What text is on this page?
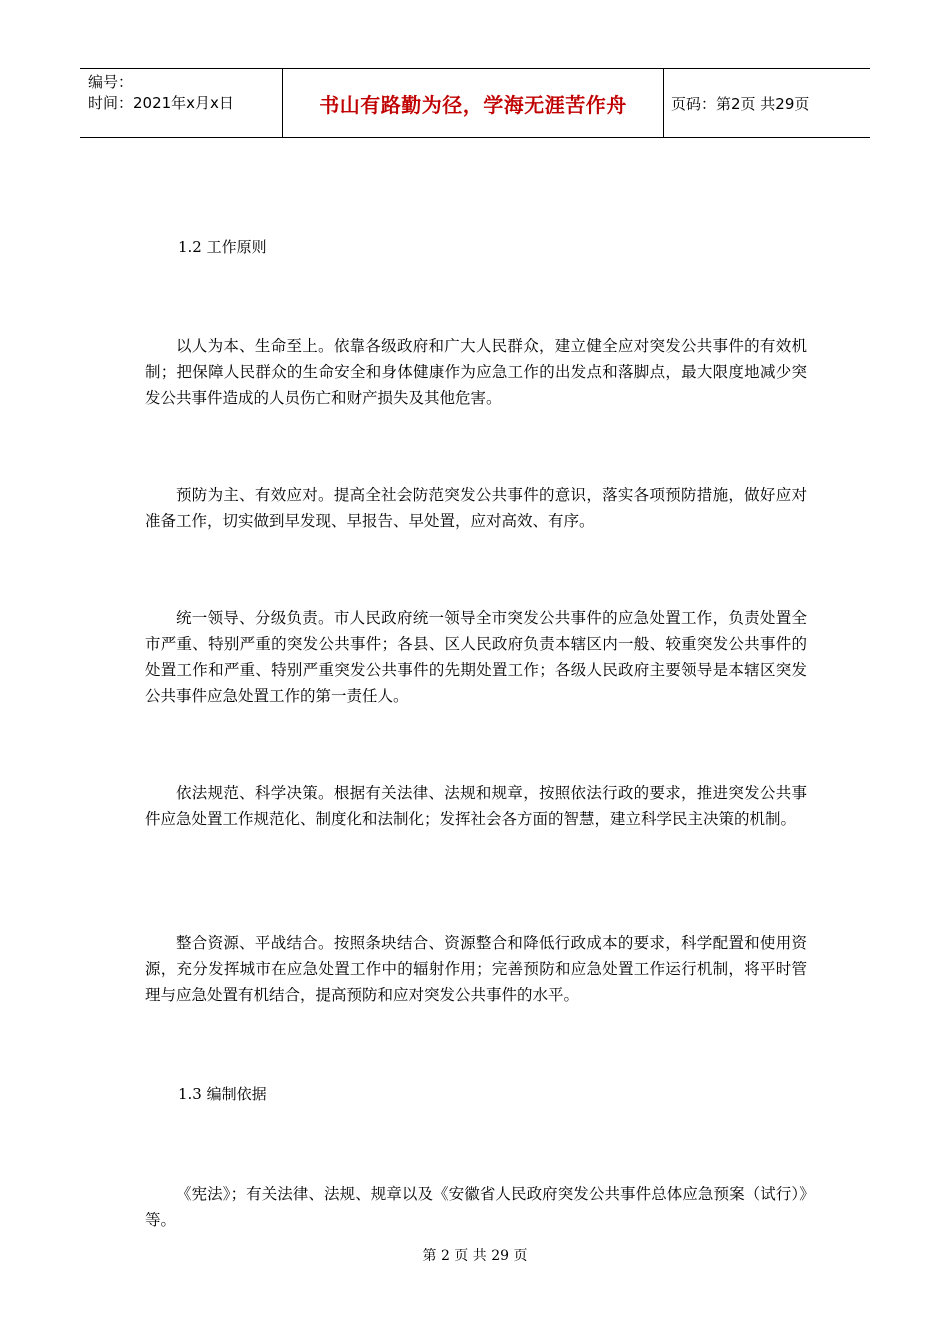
编号：
时间：2021年x月x日	书山有路勤为径，学海无涯苦作舟	页码：第2页 共29页
1.2 工作原则
以人为本、生命至上。依靠各级政府和广大人民群众，建立健全应对突发公共事件的有效机制；把保障人民群众的生命安全和身体健康作为应急工作的出发点和落脚点，最大限度地减少突发公共事件造成的人员伤亡和财产损失及其他危害。
预防为主、有效应对。提高全社会防范突发公共事件的意识，落实各项预防措施，做好应对准备工作，切实做到早发现、早报告、早处置，应对高效、有序。
统一领导、分级负责。市人民政府统一领导全市突发公共事件的应急处置工作，负责处置全市严重、特别严重的突发公共事件；各县、区人民政府负责本辖区内一般、较重突发公共事件的处置工作和严重、特别严重突发公共事件的先期处置工作；各级人民政府主要领导是本辖区突发公共事件应急处置工作的第一责任人。
依法规范、科学决策。根据有关法律、法规和规章，按照依法行政的要求，推进突发公共事件应急处置工作规范化、制度化和法制化；发挥社会各方面的智慧，建立科学民主决策的机制。
整合资源、平战结合。按照条块结合、资源整合和降低行政成本的要求，科学配置和使用资源，充分发挥城市在应急处置工作中的辐射作用；完善预防和应急处置工作运行机制，将平时管理与应急处置有机结合，提高预防和应对突发公共事件的水平。
1.3 编制依据
《宪法》；有关法律、法规、规章以及《安徽省人民政府突发公共事件总体应急预案（试行）》等。
第 2 页 共 29 页
